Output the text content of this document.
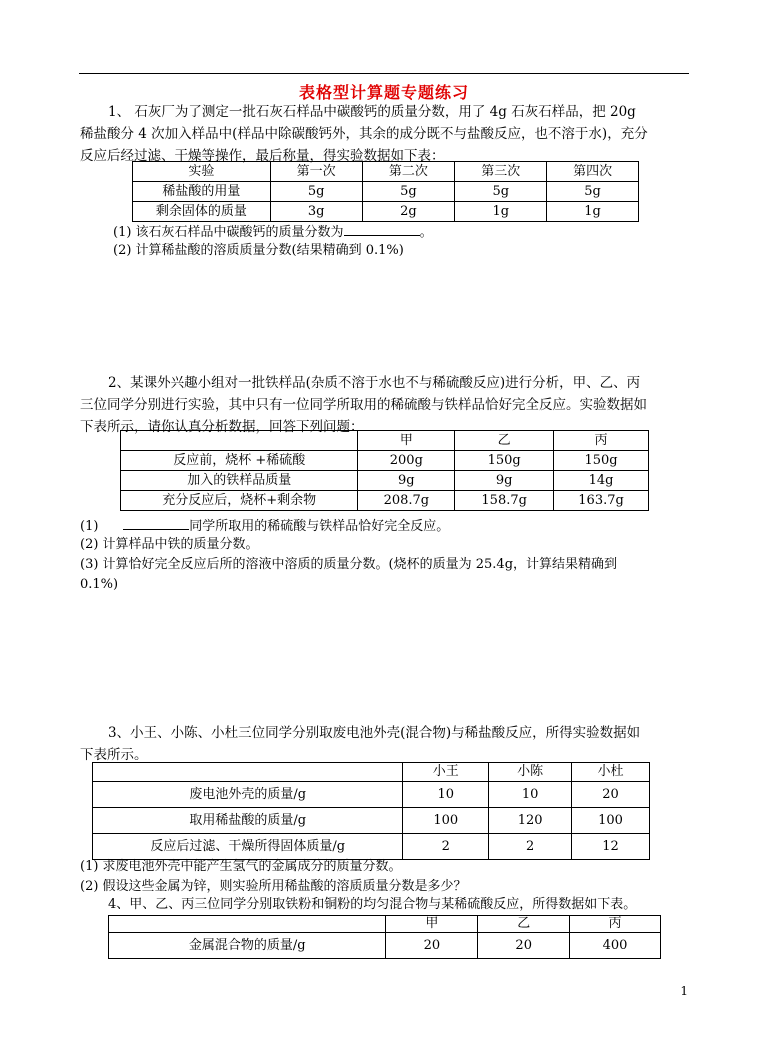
表格型计算题专题练习
1、 石灰厂为了测定一批石灰石样品中碳酸钙的质量分数，用了 4g 石灰石样品，把 20g
稀盐酸分 4 次加入样品中(样品中除碳酸钙外，其余的成分既不与盐酸反应，也不溶于水)，充分
反应后经过滤、干燥等操作，最后称量，得实验数据如下表：
实验	第一次	第二次	第三次	第四次
稀盐酸的用量	5g	5g	5g	5g
剩余固体的质量	3g	2g	1g	1g
(1) 该石灰石样品中碳酸钙的质量分数为	。
(2) 计算稀盐酸的溶质质量分数(结果精确到 0.1%)
2、某课外兴趣小组对一批铁样品(杂质不溶于水也不与稀硫酸反应)进行分析，甲、乙、丙
三位同学分别进行实验，其中只有一位同学所取用的稀硫酸与铁样品恰好完全反应。实验数据如
下表所示，请你认真分析数据，回答下列问题：
	甲	乙	丙
反应前，烧杯 +稀硫酸	200g	150g	150g
加入的铁样品质量	9g	9g	14g
充分反应后，烧杯+剩余物	208.7g	158.7g	163.7g
(1)	同学所取用的稀硫酸与铁样品恰好完全反应。
(2) 计算样品中铁的质量分数。
(3) 计算恰好完全反应后所的溶液中溶质的质量分数。(烧杯的质量为 25.4g，计算结果精确到
0.1%)
3、小王、小陈、小杜三位同学分别取废电池外壳(混合物)与稀盐酸反应，所得实验数据如
下表所示。
	小王	小陈	小杜
废电池外壳的质量/g	10	10	20
取用稀盐酸的质量/g	100	120	100
反应后过滤、干燥所得固体质量/g	2	2	12
(1) 求废电池外壳中能产生氢气的金属成分的质量分数。
(2) 假设这些金属为锌，则实验所用稀盐酸的溶质质量分数是多少？
4、甲、乙、丙三位同学分别取铁粉和铜粉的均匀混合物与某稀硫酸反应，所得数据如下表。
	甲	乙	丙
金属混合物的质量/g	20	20	400
1
